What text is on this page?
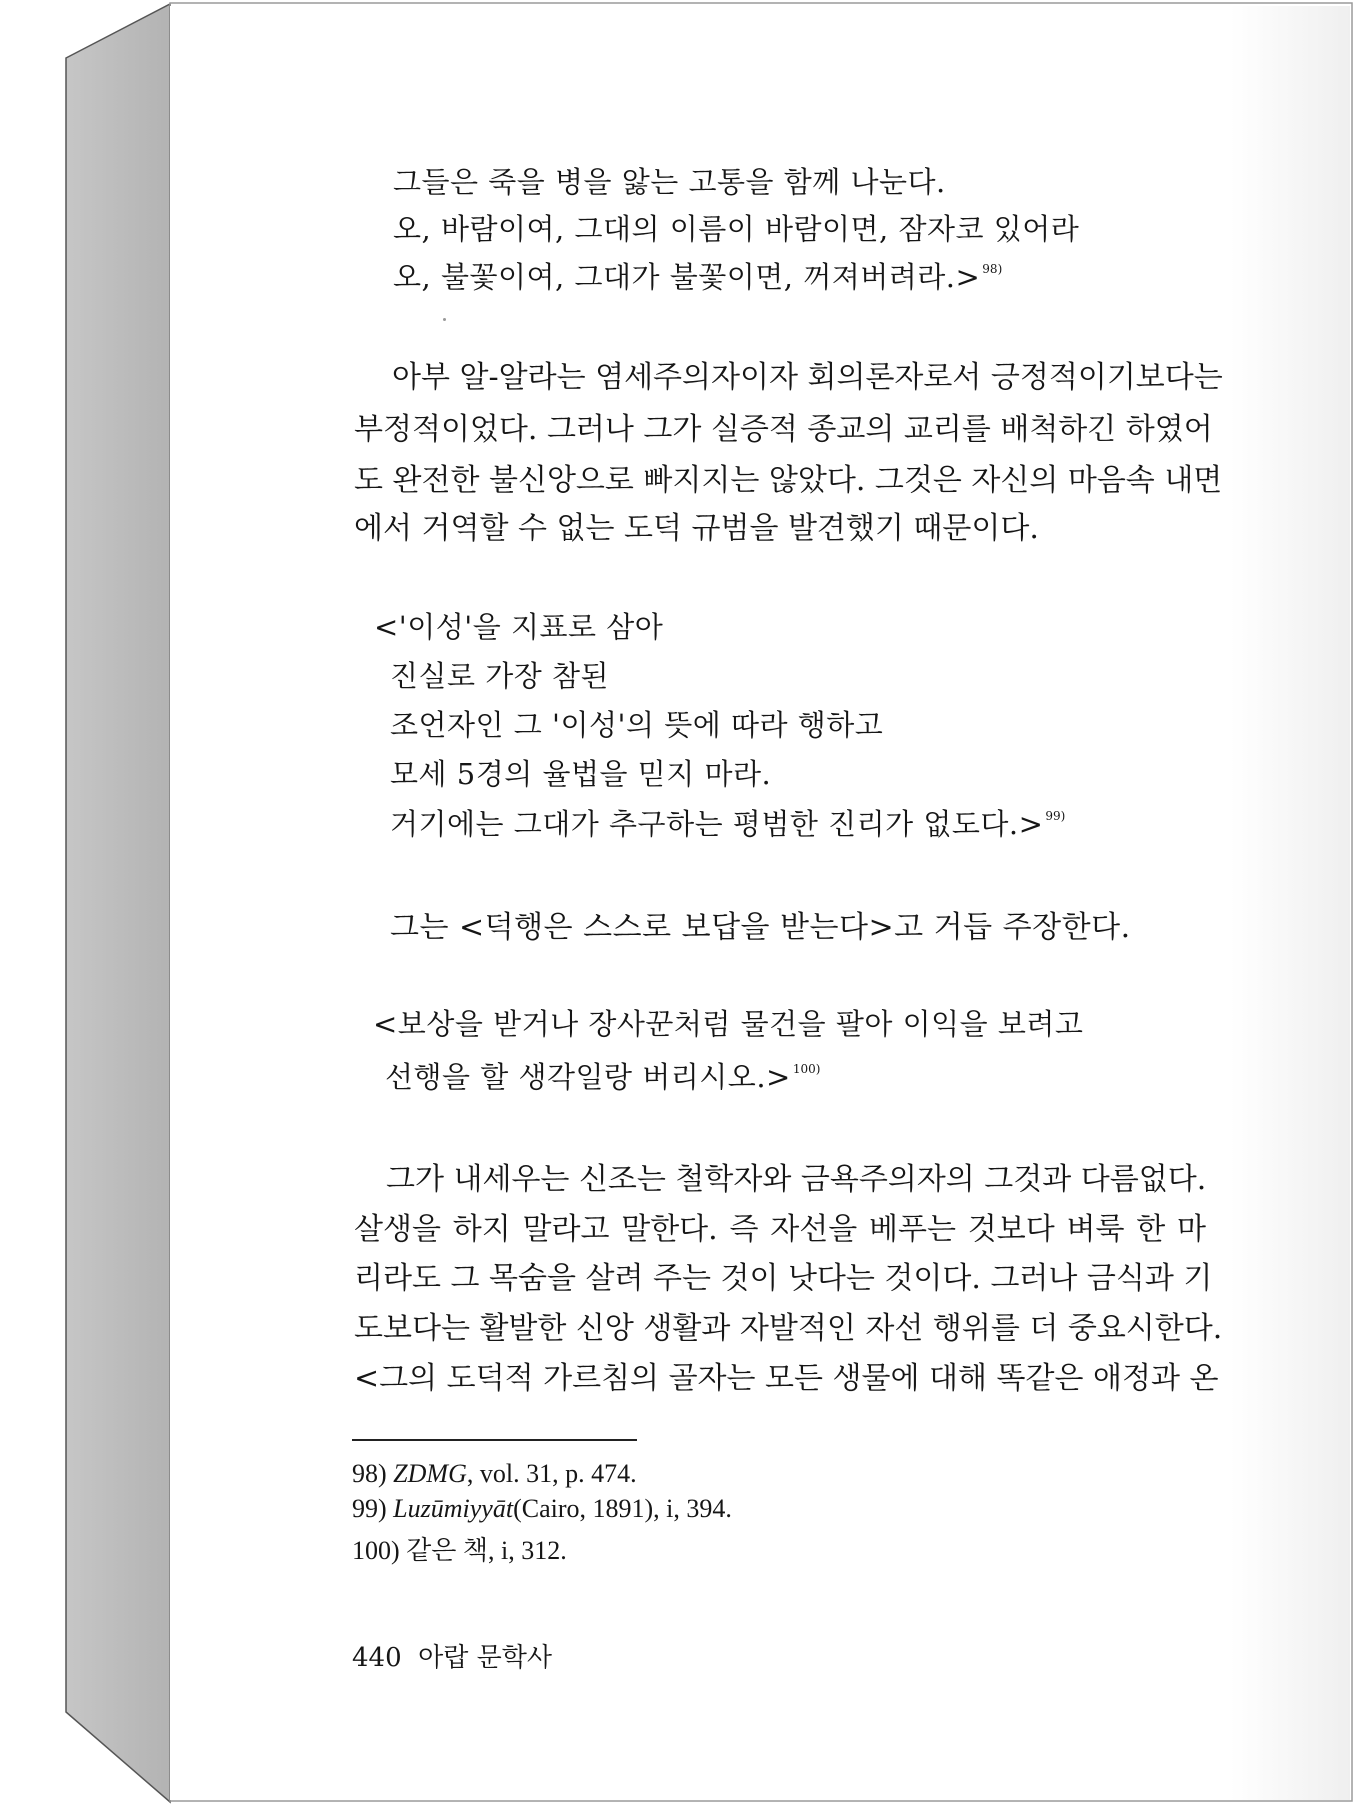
그들은 죽을 병을 앓는 고통을 함께 나눈다.
오, 바람이여, 그대의 이름이 바람이면, 잠자코 있어라
오, 불꽃이여, 그대가 불꽃이면, 꺼져버려라.> $^{98)}$
아부 알-알라는 염세주의자이자 회의론자로서 긍정적이기보다는
부정적이었다. 그러나 그가 실증적 종교의 교리를 배척하긴 하였어
도 완전한 불신앙으로 빠지지는 않았다. 그것은 자신의 마음속 내면
에서 거역할 수 없는 도덕 규범을 발견했기 때문이다.
<'이성'을 지표로 삼아
진실로 가장 참된
조언자인 그 '이성'의 뜻에 따라 행하고
모세 5경의 율법을 믿지 마라.
거기에는 그대가 추구하는 평범한 진리가 없도다.> $^{99)}$
그는 <덕행은 스스로 보답을 받는다>고 거듭 주장한다.
<보상을 받거나 장사꾼처럼 물건을 팔아 이익을 보려고
선행을 할 생각일랑 버리시오.> $^{100)}$
그가 내세우는 신조는 철학자와 금욕주의자의 그것과 다름없다.
살생을 하지 말라고 말한다. 즉 자선을 베푸는 것보다 벼룩 한 마
리라도 그 목숨을 살려 주는 것이 낫다는 것이다. 그러나 금식과 기
도보다는 활발한 신앙 생활과 자발적인 자선 행위를 더 중요시한다.
<그의 도덕적 가르침의 골자는 모든 생물에 대해 똑같은 애정과 온
98) ZDMG, vol. 31, p. 474.
99) Luzūmiyyāt(Cairo, 1891), i, 394.
100) 같은 책, i, 312.
440 아랍 문학사
